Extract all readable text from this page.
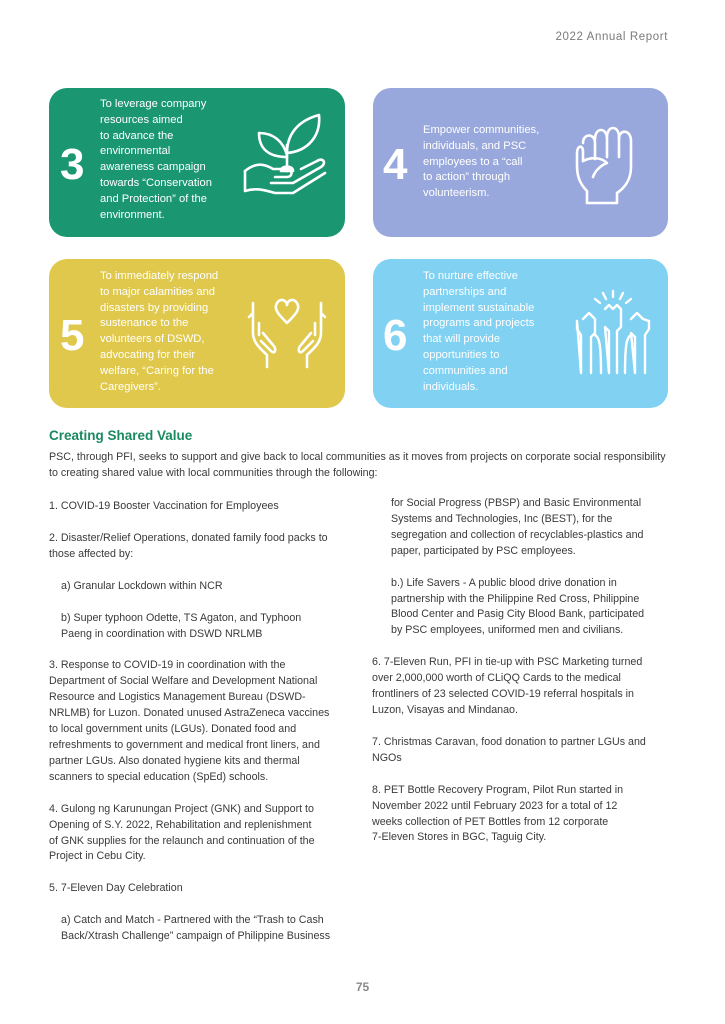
2022 Annual Report
3
To leverage company
resources aimed
to advance the
environmental
awareness campaign
towards “Conservation
and Protection” of the
environment.
4
Empower communities,
individuals, and PSC
employees to a “call
to action” through
volunteerism.
5
To immediately respond
to major calamities and
disasters by providing
sustenance to the
volunteers of DSWD,
advocating for their
welfare, “Caring for the
Caregivers”.
6
To nurture effective
partnerships and
implement sustainable
programs and projects
that will provide
opportunities to
communities and
individuals.
Creating Shared Value
PSC, through PFI, seeks to support and give back to local communities as it moves from projects on corporate social responsibility to creating shared value with local communities through the following:

1. COVID-19 Booster Vaccination for Employees

2. Disaster/Relief Operations, donated family food packs to
those affected by:

a) Granular Lockdown within NCR

b) Super typhoon Odette, TS Agaton, and Typhoon
Paeng in coordination with DSWD NRLMB

3. Response to COVID-19 in coordination with the
Department of Social Welfare and Development National
Resource and Logistics Management Bureau (DSWD-
NRLMB) for Luzon. Donated unused AstraZeneca vaccines
to local government units (LGUs). Donated food and
refreshments to government and medical front liners, and
partner LGUs. Also donated hygiene kits and thermal
scanners to special education (SpEd) schools.

4. Gulong ng Karunungan Project (GNK) and Support to
Opening of S.Y. 2022, Rehabilitation and replenishment
of GNK supplies for the relaunch and continuation of the
Project in Cebu City.

5. 7-Eleven Day Celebration

a) Catch and Match - Partnered with the “Trash to Cash
Back/Xtrash Challenge” campaign of Philippine Business

for Social Progress (PBSP) and Basic Environmental
Systems and Technologies, Inc (BEST), for the
segregation and collection of recyclables-plastics and
paper, participated by PSC employees.

b.) Life Savers - A public blood drive donation in
partnership with the Philippine Red Cross, Philippine
Blood Center and Pasig City Blood Bank, participated
by PSC employees, uniformed men and civilians.

6. 7-Eleven Run, PFI in tie-up with PSC Marketing turned
over 2,000,000 worth of CLiQQ Cards to the medical
frontliners of 23 selected COVID-19 referral hospitals in
Luzon, Visayas and Mindanao.

7. Christmas Caravan, food donation to partner LGUs and
NGOs

8. PET Bottle Recovery Program, Pilot Run started in
November 2022 until February 2023 for a total of 12
weeks collection of PET Bottles from 12 corporate
7-Eleven Stores in BGC, Taguig City.

75
